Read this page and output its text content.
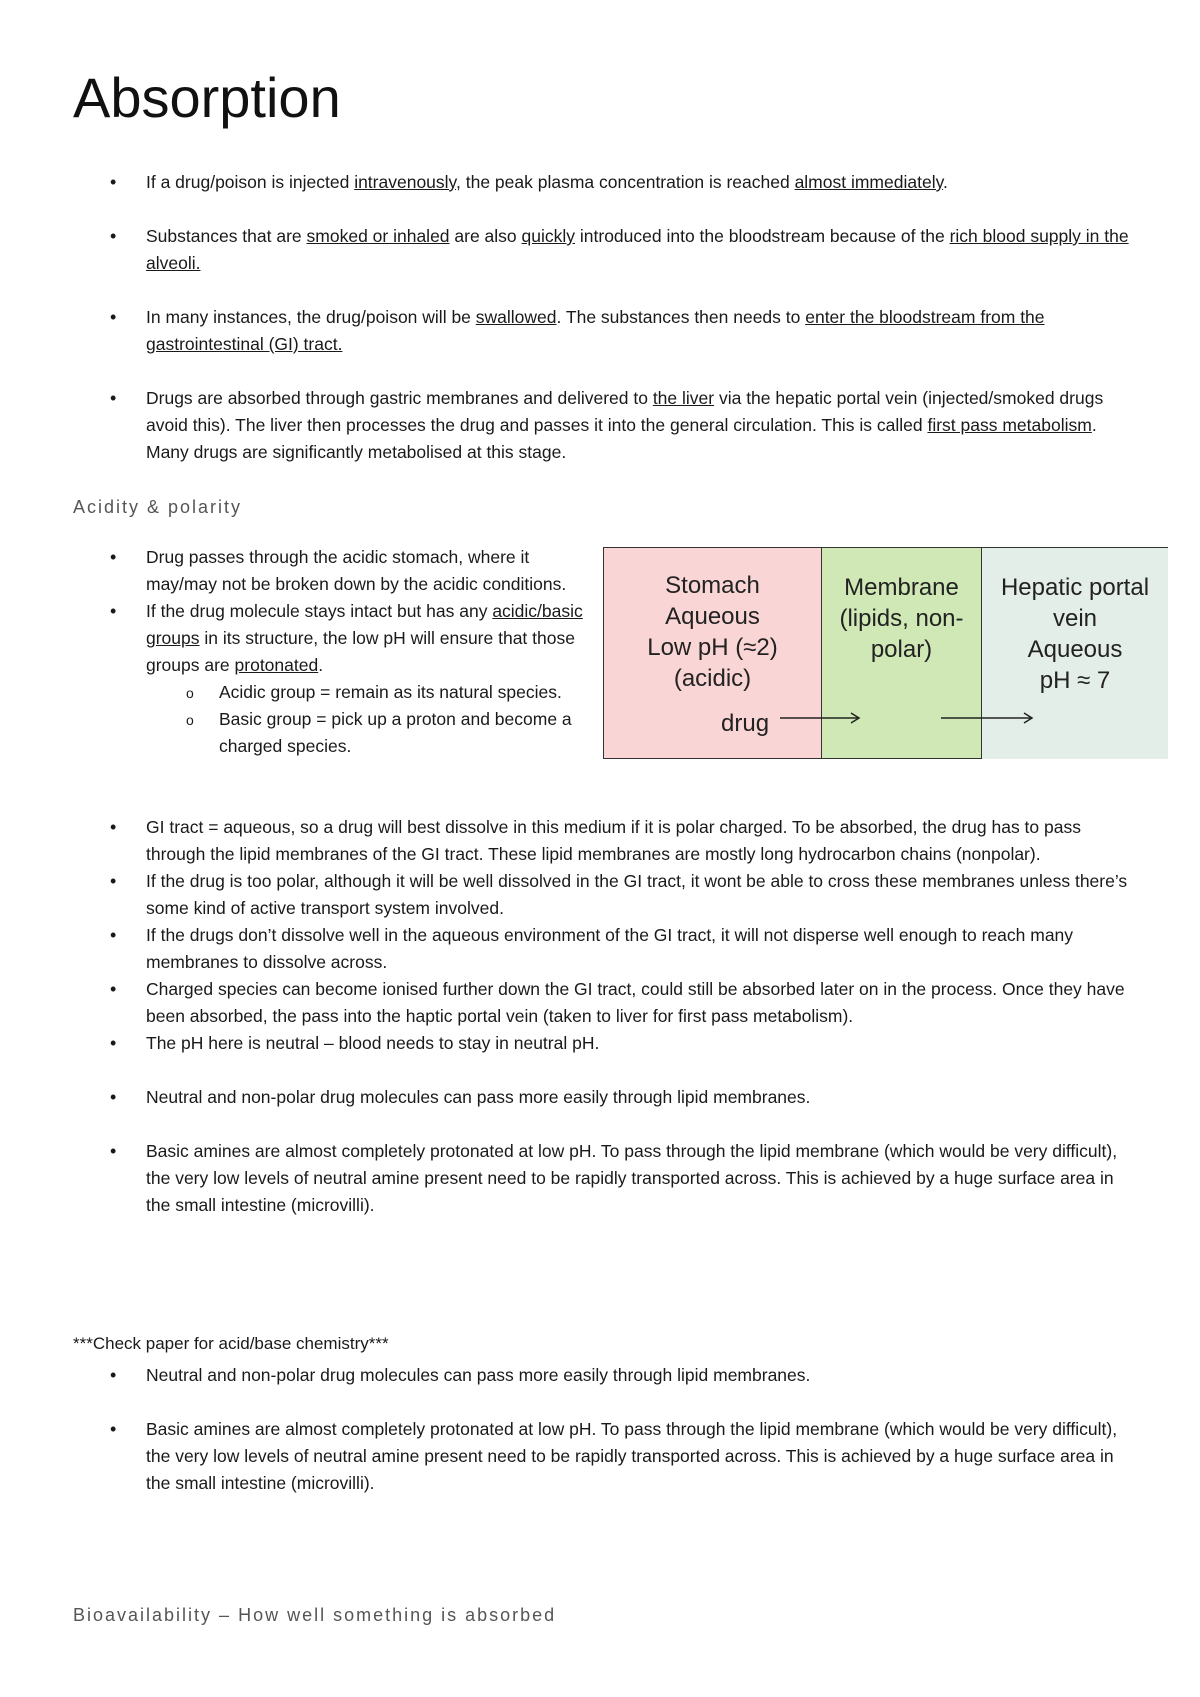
Absorption
• If a drug/poison is injected intravenously, the peak plasma concentration is reached almost immediately.
• Substances that are smoked or inhaled are also quickly introduced into the bloodstream because of the rich blood supply in the alveoli.
• In many instances, the drug/poison will be swallowed. The substances then needs to enter the bloodstream from the gastrointestinal (GI) tract.
• Drugs are absorbed through gastric membranes and delivered to the liver via the hepatic portal vein (injected/smoked drugs avoid this). The liver then processes the drug and passes it into the general circulation. This is called first pass metabolism. Many drugs are significantly metabolised at this stage.
Acidity & polarity
• Drug passes through the acidic stomach, where it may/may not be broken down by the acidic conditions.
• If the drug molecule stays intact but has any acidic/basic groups in its structure, the low pH will ensure that those groups are protonated.
o Acidic group = remain as its natural species.
o Basic group = pick up a proton and become a charged species.
Stomach
Aqueous
Low pH (≈2)
(acidic)
drug
Membrane
(lipids, non-
polar)
Hepatic portal
vein
Aqueous
pH ≈ 7
• GI tract = aqueous, so a drug will best dissolve in this medium if it is polar charged. To be absorbed, the drug has to pass through the lipid membranes of the GI tract. These lipid membranes are mostly long hydrocarbon chains (nonpolar).
• If the drug is too polar, although it will be well dissolved in the GI tract, it wont be able to cross these membranes unless there’s some kind of active transport system involved.
• If the drugs don’t dissolve well in the aqueous environment of the GI tract, it will not disperse well enough to reach many membranes to dissolve across.
• Charged species can become ionised further down the GI tract, could still be absorbed later on in the process. Once they have been absorbed, the pass into the haptic portal vein (taken to liver for first pass metabolism).
• The pH here is neutral – blood needs to stay in neutral pH.
• Neutral and non-polar drug molecules can pass more easily through lipid membranes.
• Basic amines are almost completely protonated at low pH. To pass through the lipid membrane (which would be very difficult), the very low levels of neutral amine present need to be rapidly transported across. This is achieved by a huge surface area in the small intestine (microvilli).

***Check paper for acid/base chemistry***

• Neutral and non-polar drug molecules can pass more easily through lipid membranes.
• Basic amines are almost completely protonated at low pH. To pass through the lipid membrane (which would be very difficult), the very low levels of neutral amine present need to be rapidly transported across. This is achieved by a huge surface area in the small intestine (microvilli).

Bioavailability – How well something is absorbed
